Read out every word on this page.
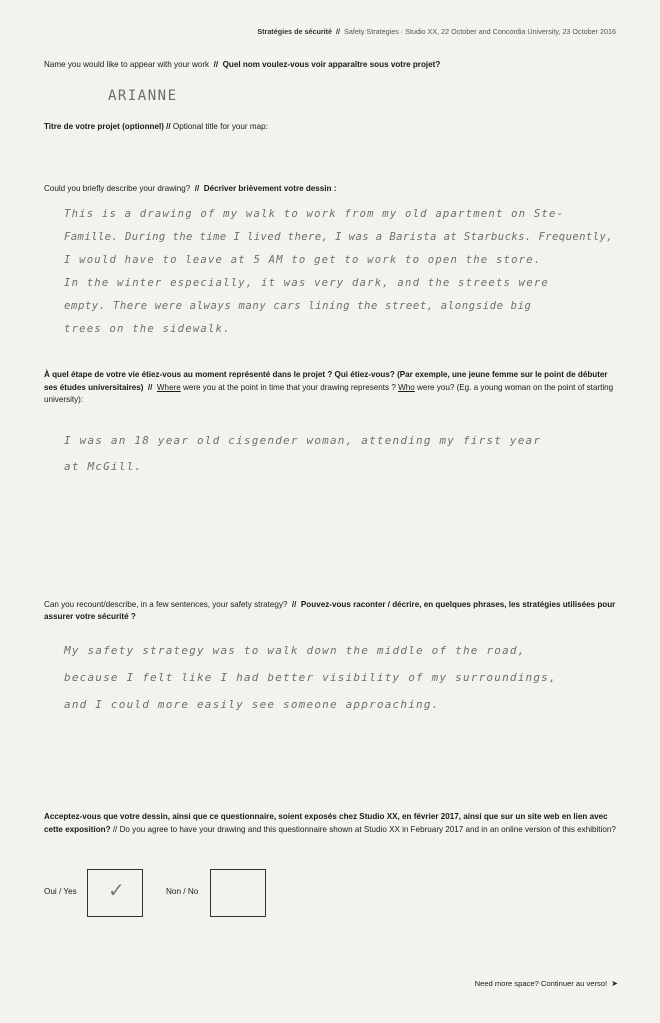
Stratégies de sécurité // Safety Strategies · Studio XX, 22 October and Concordia University, 23 October 2016
Name you would like to appear with your work // Quel nom voulez-vous voir apparaître sous votre projet?
ARIANNE
Titre de votre projet (optionnel) // Optional title for your map:
Could you briefly describe your drawing? // Décriver brièvement votre dessin :
This is a drawing of my walk to work from my old apartment on Ste-
Famille. During the time I lived there, I was a Barista at Starbucks. Frequently,
I would have to leave at 5 AM to get to work to open the store.
In the winter especially, it was very dark, and the streets were
empty. There were always many cars lining the street, alongside big
trees on the sidewalk.
À quel étape de votre vie étiez-vous au moment représenté dans le projet ? Qui étiez-vous? (Par exemple, une jeune femme sur le point de débuter ses études universitaires) // Where were you at the point in time that your drawing represents ? Who were you? (Eg. a young woman on the point of starting university):
I was an 18 year old cisgender woman, attending my first year
at McGill.
Can you recount/describe, in a few sentences, your safety strategy? // Pouvez-vous raconter / décrire, en quelques phrases, les stratégies utilisées pour assurer votre sécurité ?
My safety strategy was to walk down the middle of the road,
because I felt like I had better visibility of my surroundings,
and I could more easily see someone approaching.
Acceptez-vous que votre dessin, ainsi que ce questionnaire, soient exposés chez Studio XX, en février 2017, ainsi que sur un site web en lien avec cette exposition? // Do you agree to have your drawing and this questionnaire shown at Studio XX in February 2017 and in an online version of this exhibition?
Oui / Yes ✓	Non / No
Need more space? Continuer au verso! ➤
